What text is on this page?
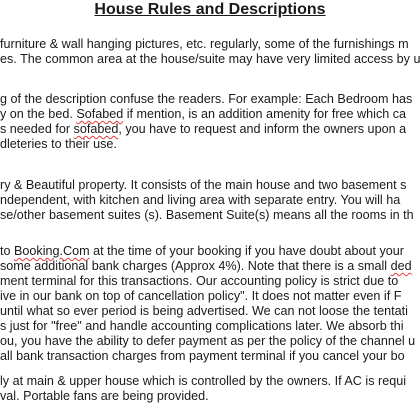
House Rules and Descriptions
furniture & wall hanging pictures, etc. regularly, some of the furnishings m
es. The common area at the house/suite may have very limited access by u
g of the description confuse the readers. For example: Each Bedroom has
y on the bed. Sofabed if mention, is an addition amenity for free which ca
s needed for sofabed, you have to request and inform the owners upon a
dleteries to their use.
ry & Beautiful property. It consists of the main house and two basement s
ndependent, with kitchen and living area with separate entry. You will ha
se/other basement suites (s). Basement Suite(s) means all the rooms in th
to Booking.Com at the time of your booking if you have doubt about your
some additional bank charges (Approx 4%). Note that there is a small ded
ment terminal for this transactions. Our accounting policy is strict due to
ive in our bank on top of cancellation policy". It does not matter even if F
until what so ever period is being advertised. We can not loose the tentati
s just for "free" and handle accounting complications later. We absorb thi
ou, you have the ability to defer payment as per the policy of the channel u
all bank transaction charges from payment terminal if you cancel your bo
ly at main & upper house which is controlled by the owners. If AC is requi
val. Portable fans are being provided.
